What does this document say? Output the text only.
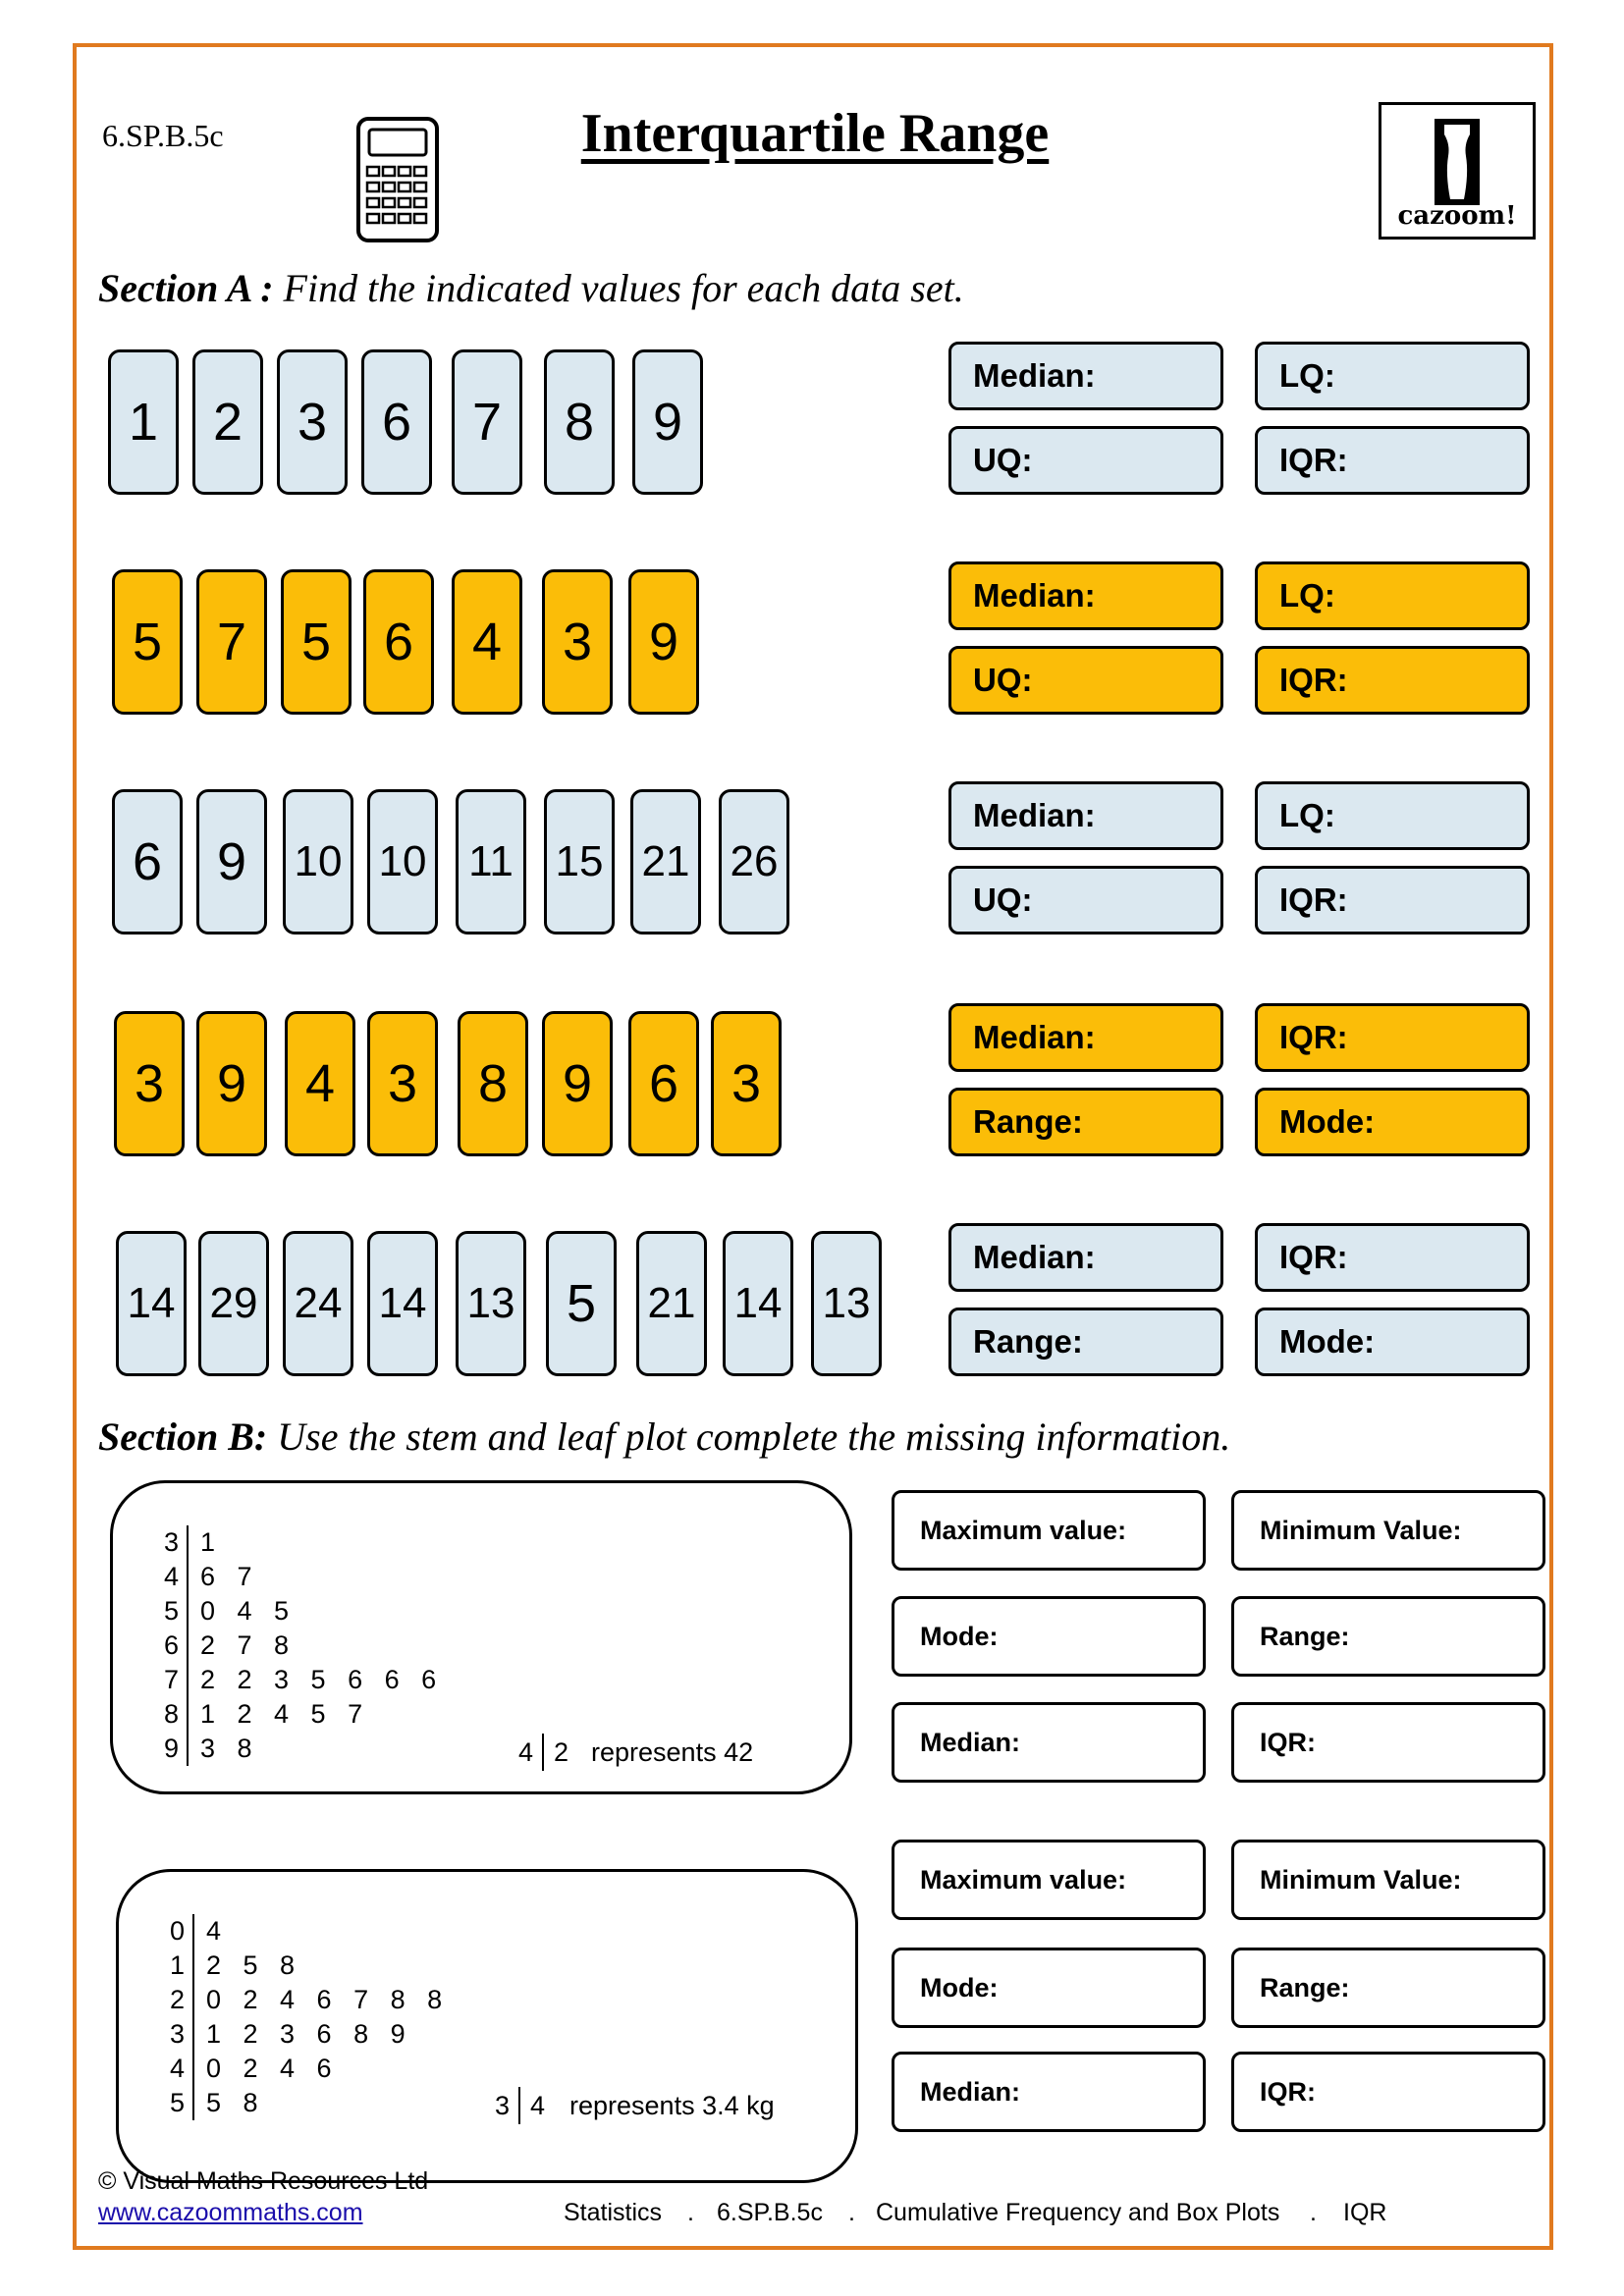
6.SP.B.5c	Interquartile Range
cazoom!
Section A : Find the indicated values for each data set.
1	2	3	6	7	8	9
Median:	LQ:
UQ:	IQR:
5	7	5 6	4	3	9
Median:	LQ:
UQ:	IQR:
6	9	10 10 11 15 21 26
Median:	LQ:
UQ:	IQR:
3 9	4 3	8	9	6 3
Median:	IQR:
Range:	Mode:
14 29 24 14 13 5	21 14 13
Median:	IQR:
Range:	Mode:
Section B: Use the stem and leaf plot complete the missing information.
3 1
4 6   7
5 0   4   5
6 2   7   8
7 2   2   3   5   6   6   6
8 1   2   4   5   7
9 3   8	4 2 represents 42
Maximum value:	Minimum Value:
Mode:	Range:
Median:	IQR:
0 4
1 2   5   8
2 0   2   4   6   7   8   8
3 1   2   3   6   8   9
4 0   2   4   6
5 5   8	3 4 represents 3.4 kg
Maximum value:	Minimum Value:
Mode:	Range:
Median:	IQR:
© Visual Maths Resources Ltd
www.cazoommaths.com	Statistics . 6.SP.B.5c . Cumulative Frequency and Box Plots . IQR
